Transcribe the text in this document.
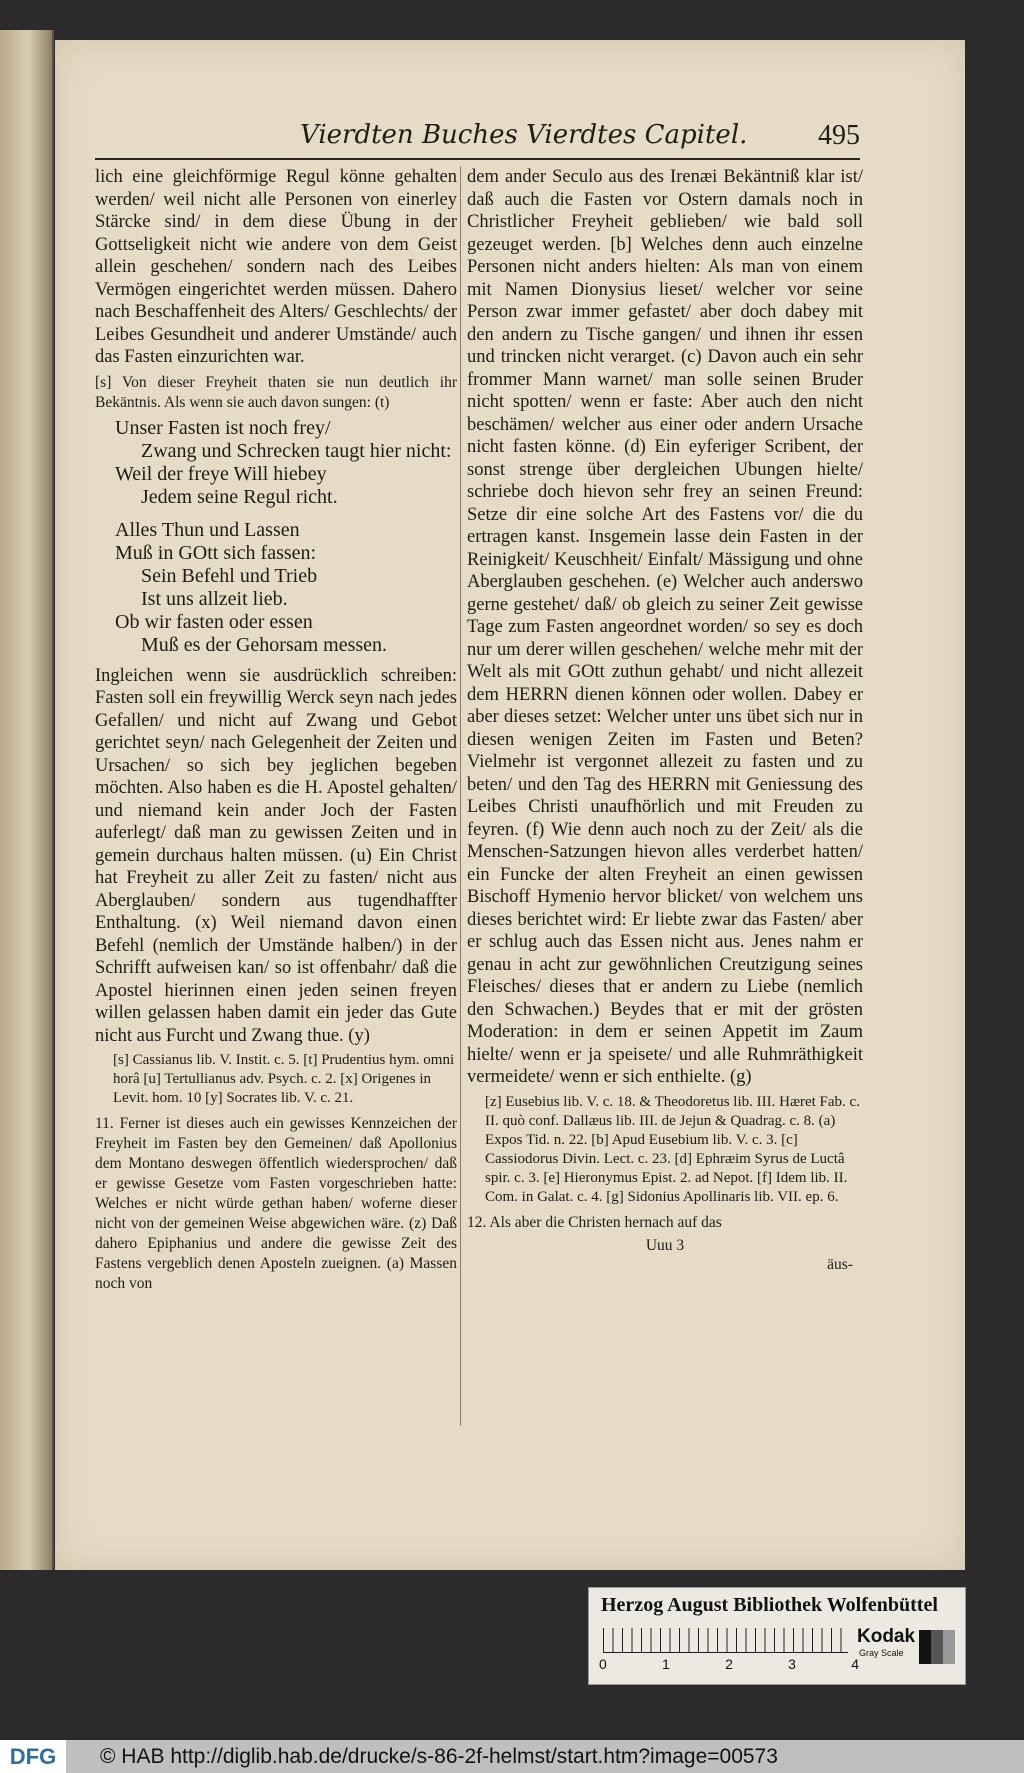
Vierdten Buches Vierdtes Capitel.	495

lich eine gleichförmige Regul könne gehalten werden/ weil nicht alle Personen von einerley Stärcke sind/ in dem diese Übung in der Gottseligkeit nicht wie andere von dem Geist allein geschehen/ sondern nach des Leibes Vermögen eingerichtet werden müssen. Dahero nach Beschaffenheit des Alters/ Geschlechts/ der Leibes Gesundheit und anderer Umstände/ auch das Fasten einzurichten war.

[s] Von dieser Freyheit thaten sie nun deutlich ihr Bekäntnis. Als wenn sie auch davon sungen: (t)

Unser Fasten ist noch frey/
Zwang und Schrecken taugt hier nicht:
Weil der freye Will hiebey
Jedem seine Regul richt.
Alles Thun und Lassen
Muß in GOtt sich fassen:
Sein Befehl und Trieb
Ist uns allzeit lieb.
Ob wir fasten oder essen
Muß es der Gehorsam messen.

Ingleichen wenn sie ausdrücklich schreiben: Fasten soll ein freywillig Werck seyn nach jedes Gefallen/ und nicht auf Zwang und Gebot gerichtet seyn/ nach Gelegenheit der Zeiten und Ursachen/ so sich bey jeglichen begeben möchten. Also haben es die H. Apostel gehalten/ und niemand kein ander Joch der Fasten auferlegt/ daß man zu gewissen Zeiten und in gemein durchaus halten müssen. (u) Ein Christ hat Freyheit zu aller Zeit zu fasten/ nicht aus Aberglauben/ sondern aus tugendhaffter Enthaltung. (x) Weil niemand davon einen Befehl (nemlich der Umstände halben/) in der Schrifft aufweisen kan/ so ist offenbahr/ daß die Apostel hierinnen einen jeden seinen freyen willen gelassen haben damit ein jeder das Gute nicht aus Furcht und Zwang thue. (y)

[s] Cassianus lib. V. Instit. c. 5. [t] Prudentius hym. omni horâ [u] Tertullianus adv. Psych. c. 2. [x] Origenes in Levit. hom. 10 [y] Socrates lib. V. c. 21.

11. Ferner ist dieses auch ein gewisses Kennzeichen der Freyheit im Fasten bey den Gemeinen/ daß Apollonius dem Montano deswegen öffentlich wiedersprochen/ daß er gewisse Gesetze vom Fasten vorgeschrieben hatte: Welches er nicht würde gethan haben/ woferne dieser nicht von der gemeinen Weise abgewichen wäre. (z) Daß dahero Epiphanius und andere die gewisse Zeit des Fastens vergeblich denen Aposteln zueignen. (a) Massen noch von

dem ander Seculo aus des Irenæi Bekäntniß klar ist/ daß auch die Fasten vor Ostern damals noch in Christlicher Freyheit geblieben/ wie bald soll gezeuget werden. [b] Welches denn auch einzelne Personen nicht anders hielten: Als man von einem mit Namen Dionysius lieset/ welcher vor seine Person zwar immer gefastet/ aber doch dabey mit den andern zu Tische gangen/ und ihnen ihr essen und trincken nicht verarget. (c) Davon auch ein sehr frommer Mann warnet/ man solle seinen Bruder nicht spotten/ wenn er faste: Aber auch den nicht beschämen/ welcher aus einer oder andern Ursache nicht fasten könne. (d) Ein eyferiger Scribent, der sonst strenge über dergleichen Ubungen hielte/ schriebe doch hievon sehr frey an seinen Freund: Setze dir eine solche Art des Fastens vor/ die du ertragen kanst. Insgemein lasse dein Fasten in der Reinigkeit/ Keuschheit/ Einfalt/ Mässigung und ohne Aberglauben geschehen. (e) Welcher auch anderswo gerne gestehet/ daß/ ob gleich zu seiner Zeit gewisse Tage zum Fasten angeordnet worden/ so sey es doch nur um derer willen geschehen/ welche mehr mit der Welt als mit GOtt zuthun gehabt/ und nicht allezeit dem HERRN dienen können oder wollen. Dabey er aber dieses setzet: Welcher unter uns übet sich nur in diesen wenigen Zeiten im Fasten und Beten? Vielmehr ist vergonnet allezeit zu fasten und zu beten/ und den Tag des HERRN mit Geniessung des Leibes Christi unaufhörlich und mit Freuden zu feyren. (f) Wie denn auch noch zu der Zeit/ als die Menschen-Satzungen hievon alles verderbet hatten/ ein Funcke der alten Freyheit an einen gewissen Bischoff Hymenio hervor blicket/ von welchem uns dieses berichtet wird: Er liebte zwar das Fasten/ aber er schlug auch das Essen nicht aus. Jenes nahm er genau in acht zur gewöhnlichen Creutzigung seines Fleisches/ dieses that er andern zu Liebe (nemlich den Schwachen.) Beydes that er mit der grösten Moderation: in dem er seinen Appetit im Zaum hielte/ wenn er ja speisete/ und alle Ruhmräthigkeit vermeidete/ wenn er sich enthielte. (g)

[z] Eusebius lib. V. c. 18. & Theodoretus lib. III. Hæret Fab. c. II. quò conf. Dallæus lib. III. de Jejun & Quadrag. c. 8. (a) Expos Tid. n. 22. [b] Apud Eusebium lib. V. c. 3. [c] Cassiodorus Divin. Lect. c. 23. [d] Ephræim Syrus de Luctâ spir. c. 3. [e] Hieronymus Epist. 2. ad Nepot. [f] Idem lib. II. Com. in Galat. c. 4. [g] Sidonius Apollinaris lib. VII. ep. 6.

12. Als aber die Christen hernach auf das

Uuu 3
äus-
Herzog August Bibliothek Wolfenbüttel
0	1	2	3	4
Kodak
Gray Scale
DFG	© HAB http://diglib.hab.de/drucke/s-86-2f-helmst/start.htm?image=00573
